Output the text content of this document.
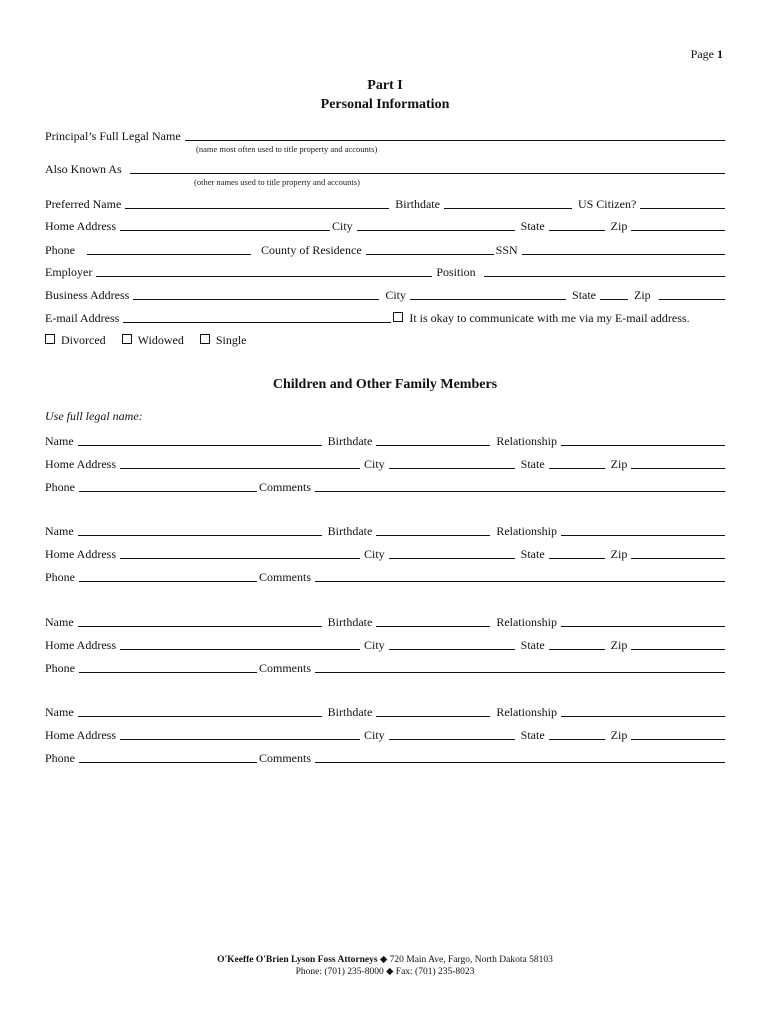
Page 1
Part I
Personal Information
Principal’s Full Legal Name
(name most often used to title property and accounts)
Also Known As
(other names used to title property and accounts)
Preferred Name	Birthdate	US Citizen?
Home Address	City	State	Zip
Phone	County of Residence	SSN
Employer	Position
Business Address	City	State	Zip
E-mail Address	It is okay to communicate with me via my E-mail address.
Divorced	Widowed	Single
Children and Other Family Members
Use full legal name:
Name	Birthdate	Relationship
Home Address	City	State	Zip
Phone	Comments
Name	Birthdate	Relationship
Home Address	City	State	Zip
Phone	Comments
Name	Birthdate	Relationship
Home Address	City	State	Zip
Phone	Comments
Name	Birthdate	Relationship
Home Address	City	State	Zip
Phone	Comments
O'Keeffe O'Brien Lyson Foss Attorneys ◆ 720 Main Ave, Fargo, North Dakota 58103
Phone: (701) 235-8000 ◆ Fax: (701) 235-8023
